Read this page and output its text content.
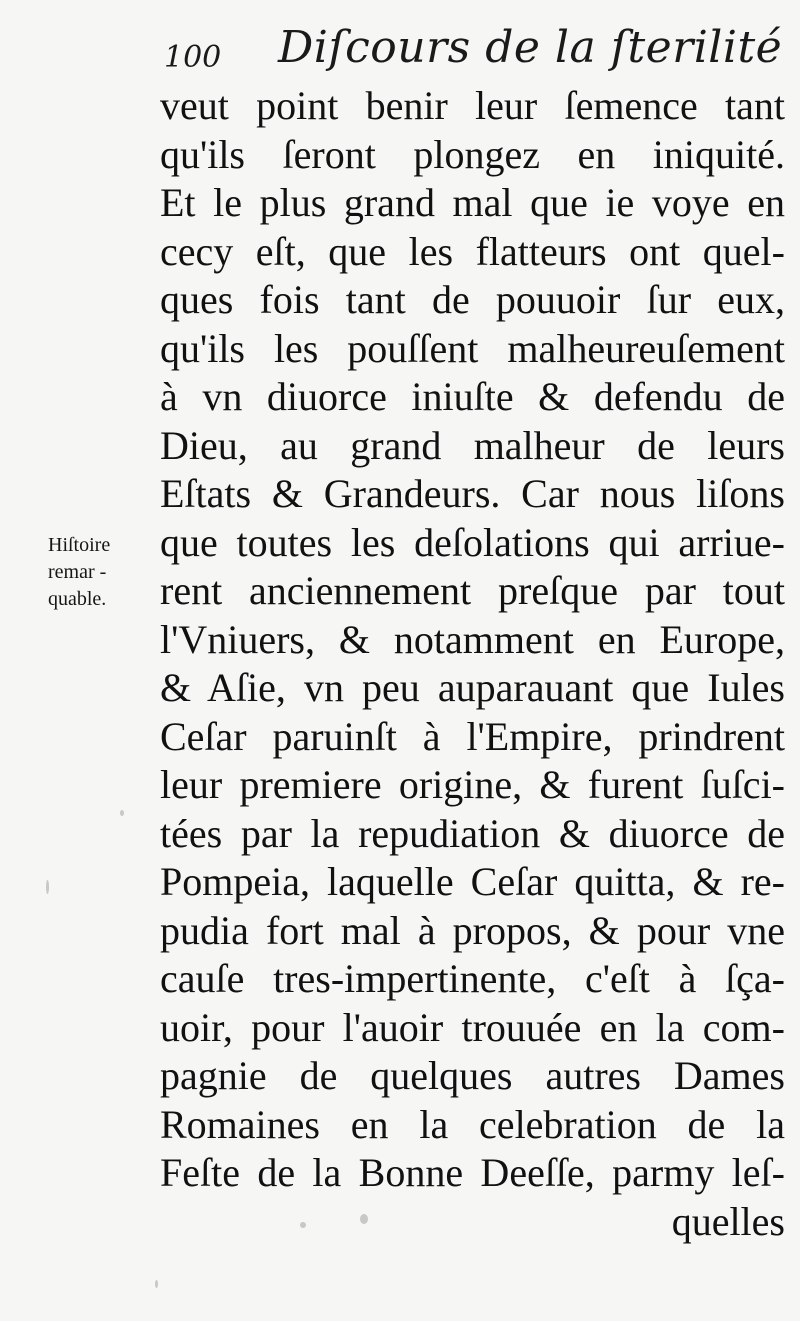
100 Diſcours de la ſterilité
Hiſtoire
remar -
quable.
veut point benir leur ſemence tant
qu'ils ſeront plongez en iniquité.
Et le plus grand mal que ie voye en
cecy eſt, que les flatteurs ont quel-
ques fois tant de pouuoir ſur eux,
qu'ils les pouſſent malheureuſement
à vn diuorce iniuſte & defendu de
Dieu, au grand malheur de leurs
Eſtats & Grandeurs. Car nous liſons
que toutes les deſolations qui arriue-
rent anciennement preſque par tout
l'Vniuers, & notamment en Europe,
& Aſie, vn peu auparauant que Iules
Ceſar paruinſt à l'Empire, prindrent
leur premiere origine, & furent ſuſci-
tées par la repudiation & diuorce de
Pompeia, laquelle Ceſar quitta, & re-
pudia fort mal à propos, & pour vne
cauſe tres-impertinente, c'eſt à ſça-
uoir, pour l'auoir trouuée en la com-
pagnie de quelques autres Dames
Romaines en la celebration de la
Feſte de la Bonne Deeſſe, parmy leſ-
quelles
